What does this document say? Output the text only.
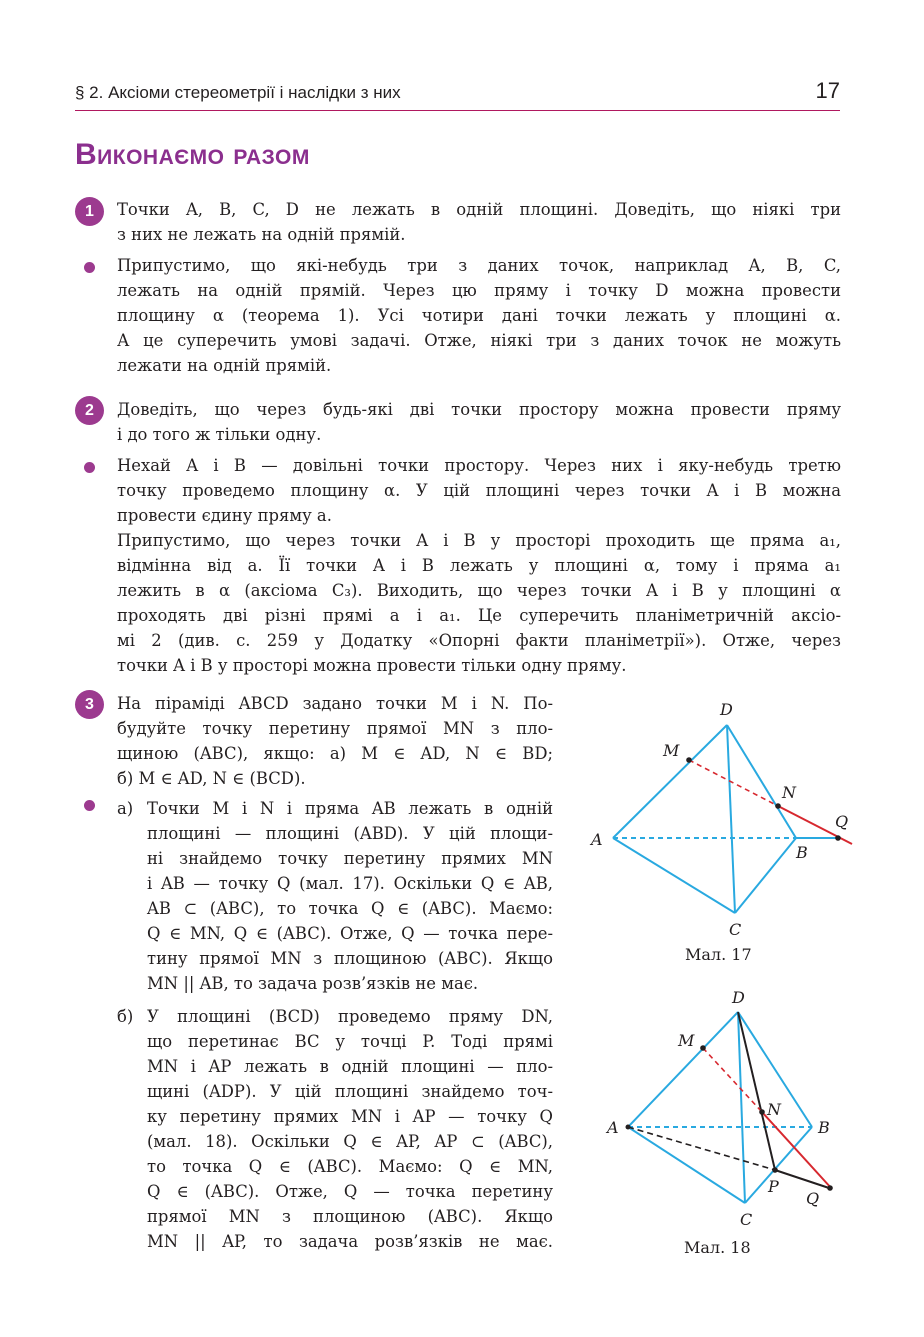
§ 2. Аксіоми стереометрії і наслідки з них	17
Виконаємо разом
1	Точки A, B, C, D не лежать в одній площині. Доведіть, що ніякі три
з них не лежать на одній прямій.
Припустимо, що які-небудь три з даних точок, наприклад A, B, C,
лежать на одній прямій. Через цю пряму і точку D можна провести
площину α (теорема 1). Усі чотири дані точки лежать у площині α.
А це суперечить умові задачі. Отже, ніякі три з даних точок не можуть
лежати на одній прямій.
2	Доведіть, що через будь-які дві точки простору можна провести пряму
і до того ж тільки одну.
Нехай A і B — довільні точки простору. Через них і яку-небудь третю
точку проведемо площину α. У цій площині через точки A і B можна
провести єдину пряму a.
Припустимо, що через точки A і B у просторі проходить ще пряма a₁,
відмінна від a. Її точки A і B лежать у площині α, тому і пряма a₁
лежить в α (аксіома C₃). Виходить, що через точки A і B у площині α
проходять дві різні прямі a і a₁. Це суперечить планіметричній аксіо-
мі 2 (див. с. 259 у Додатку «Опорні факти планіметрії»). Отже, через
точки A і B у просторі можна провести тільки одну пряму.
3	На піраміді ABCD задано точки M і N. По-
будуйте точку перетину прямої MN з пло-
щиною (ABC), якщо: а) M ∈ AD, N ∈ BD;
б) M ∈ AD, N ∈ (BCD).
а) Точки M і N і пряма AB лежать в одній
площині — площині (ABD). У цій площи-
ні знайдемо точку перетину прямих MN
і AB — точку Q (мал. 17). Оскільки Q ∈ AB,
AB ⊂ (ABC), то точка Q ∈ (ABC). Маємо:
Q ∈ MN, Q ∈ (ABC). Отже, Q — точка пере-
тину прямої MN з площиною (ABC). Якщо
MN || AB, то задача розв’язків не має.
б) У площині (BCD) проведемо пряму DN,
що перетинає BC у точці P. Тоді прямі
MN і AP лежать в одній площині — пло-
щині (ADP). У цій площині знайдемо точ-
ку перетину прямих MN і AP — точку Q
(мал. 18). Оскільки Q ∈ AP, AP ⊂ (ABC),
то точка Q ∈ (ABC). Маємо: Q ∈ MN,
Q ∈ (ABC). Отже, Q — точка перетину
прямої MN з площиною (ABC). Якщо
MN || AP, то задача розв’язків не має.
D
M
N
Q
A
B
C
Мал. 17
D
M
N
A	B
P
Q
C
Мал. 18
